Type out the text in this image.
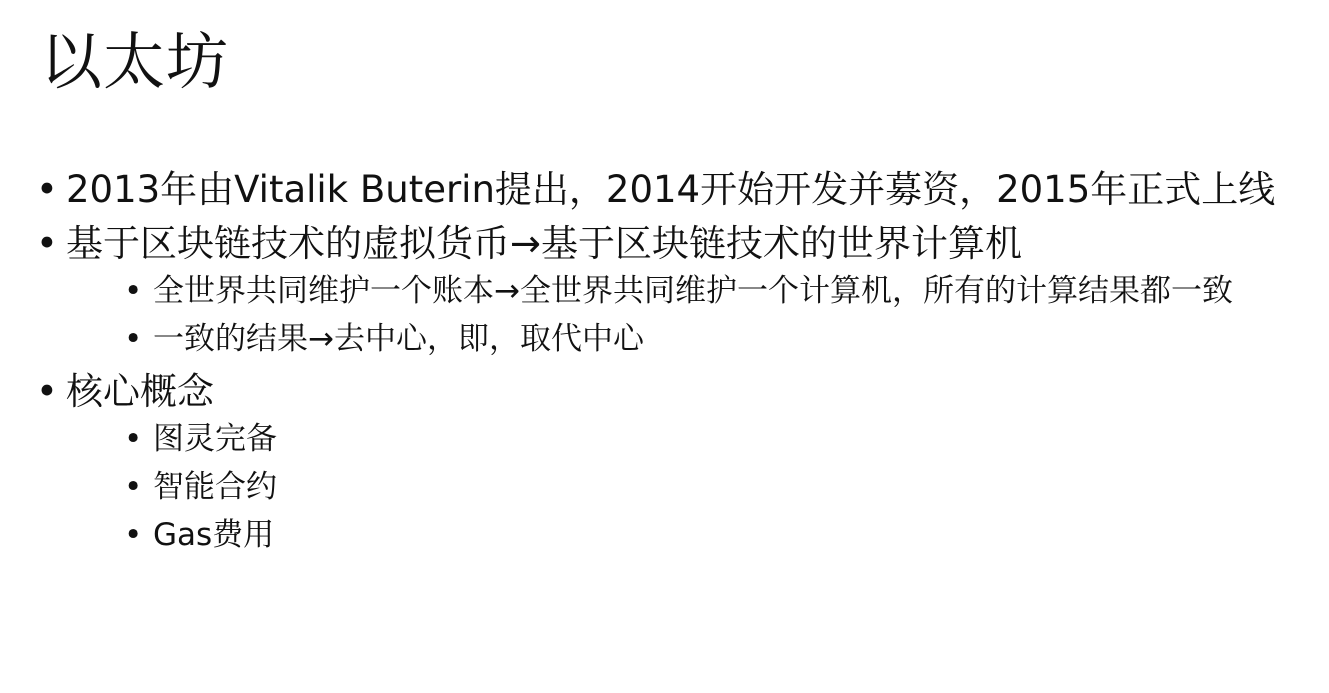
以太坊
• 2013年由Vitalik Buterin提出，2014开始开发并募资，2015年正式上线
• 基于区块链技术的虚拟货币→基于区块链技术的世界计算机
• 全世界共同维护一个账本→全世界共同维护一个计算机，所有的计算结果都一致
• 一致的结果→去中心，即，取代中心
• 核心概念
• 图灵完备
• 智能合约
• Gas费用
